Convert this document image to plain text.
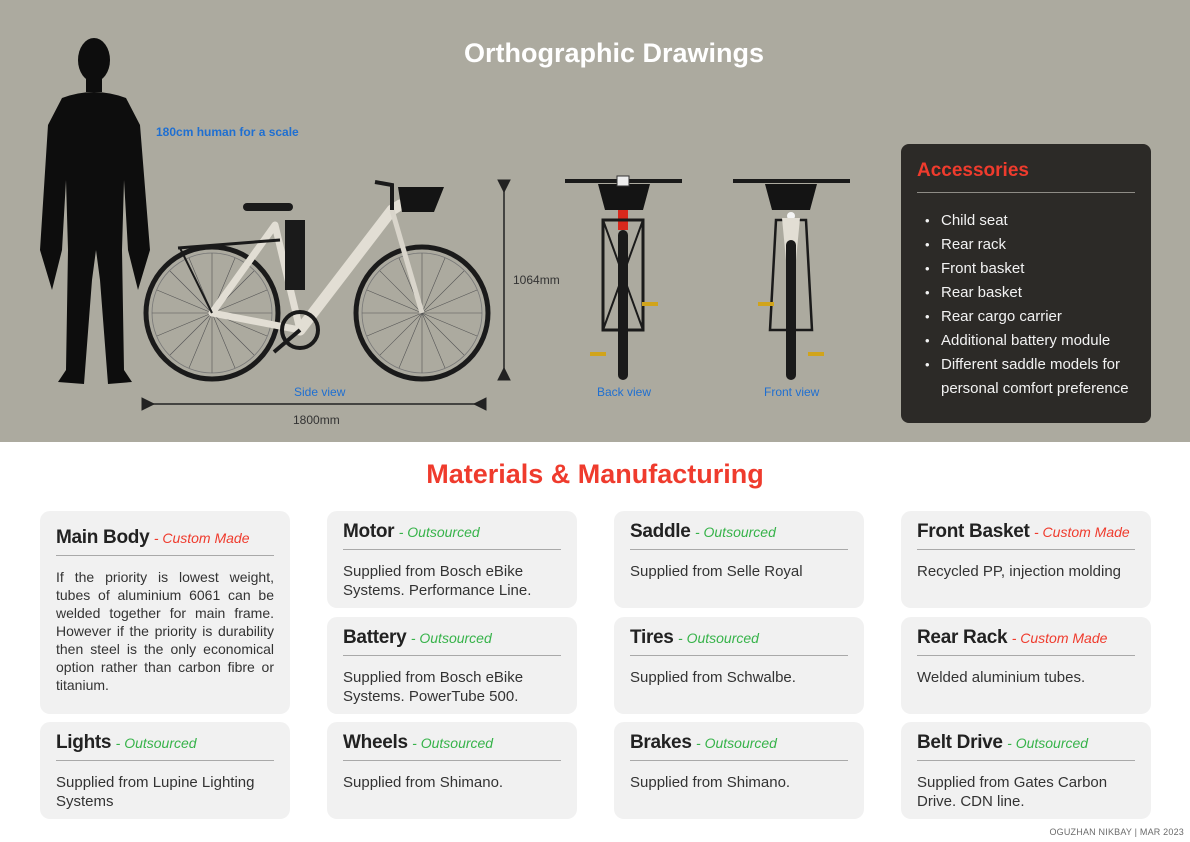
Orthographic Drawings
180cm human for a scale
1064mm
1800mm
Side view	Back view	Front view
Accessories
• Child seat
• Rear rack
• Front basket
• Rear basket
• Rear cargo carrier
• Additional battery module
• Different saddle models for personal comfort preference
Materials & Manufacturing
Main Body - Custom Made
If the priority is lowest weight, tubes of aluminium 6061 can be welded together for main frame. However if the priority is durability then steel is the only economical option rather than carbon fibre or titanium.
Motor - Outsourced
Supplied from Bosch eBike Systems. Performance Line.
Saddle - Outsourced
Supplied from Selle Royal
Front Basket - Custom Made
Recycled PP, injection molding
Battery - Outsourced
Supplied from Bosch eBike Systems. PowerTube 500.
Tires - Outsourced
Supplied from Schwalbe.
Rear Rack - Custom Made
Welded aluminium tubes.
Lights - Outsourced
Supplied from Lupine Lighting Systems
Wheels - Outsourced
Supplied from Shimano.
Brakes - Outsourced
Supplied from Shimano.
Belt Drive - Outsourced
Supplied from Gates Carbon Drive. CDN line.
OGUZHAN NIKBAY | MAR 2023
